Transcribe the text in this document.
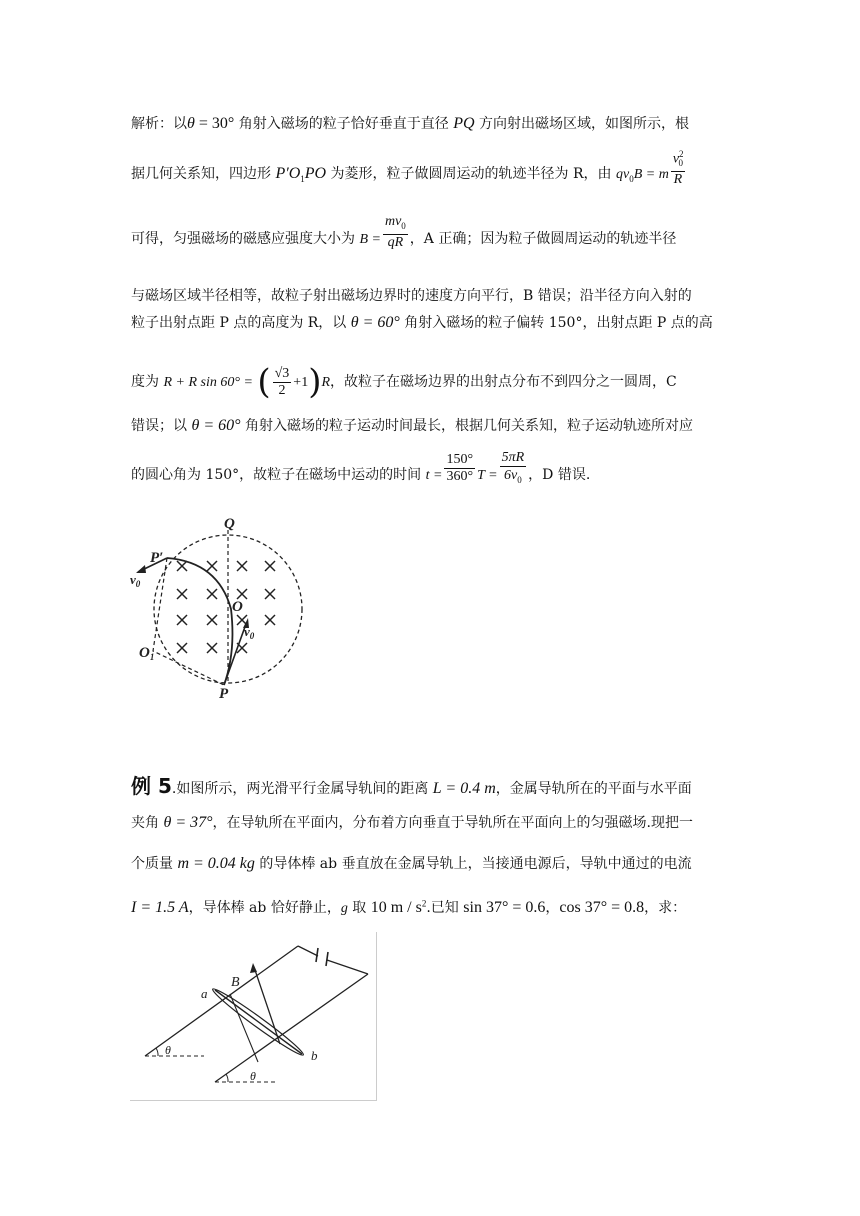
解析：以θ = 30° 角射入磁场的粒子恰好垂直于直径 PQ 方向射出磁场区域，如图所示，根
据几何关系知，四边形 $P'O_1PO$ 为菱形，粒子做圆周运动的轨迹半径为 R，由 $qv_0B = m \frac{v^2_0}{R}$
可得，匀强磁场的磁感应强度大小为 $B = \frac{mv_0}{qR}$ ，A 正确；因为粒子做圆周运动的轨迹半径
与磁场区域半径相等，故粒子射出磁场边界时的速度方向平行，B 错误；沿半径方向入射的
粒子出射点距 P 点的高度为 R，以 θ = 60° 角射入磁场的粒子偏转 150°，出射点距 P 点的高
度为 R + R sin 60° = ( $\frac{√3}{2} +1)R$，故粒子在磁场边界的出射点分布不到四分之一圆周，C
错误；以 θ = 60° 角射入磁场的粒子运动时间最长，根据几何关系知，粒子运动轨迹所对应
的圆心角为 150°，故粒子在磁场中运动的时间 $t = \frac{150^\circ}{360^\circ}$ $T = \frac{5\pi R}{6v_0}$ ，D 错误.
Q
P′
$v_0$
O
$v_0$
$O_1$
P
例 5.如图所示，两光滑平行金属导轨间的距离 L = 0.4 m，金属导轨所在的平面与水平面
夹角 θ = 37°，在导轨所在平面内，分布着方向垂直于导轨所在平面向上的匀强磁场.现把一
个质量 m = 0.04 kg 的导体棒 ab 垂直放在金属导轨上，当接通电源后，导轨中通过的电流
I = 1.5 A，导体棒 ab 恰好静止，g 取 10 m / $s^2$.已知 sin 37° = 0.6，cos 37° = 0.8，求：
B
a
b
θ
θ
